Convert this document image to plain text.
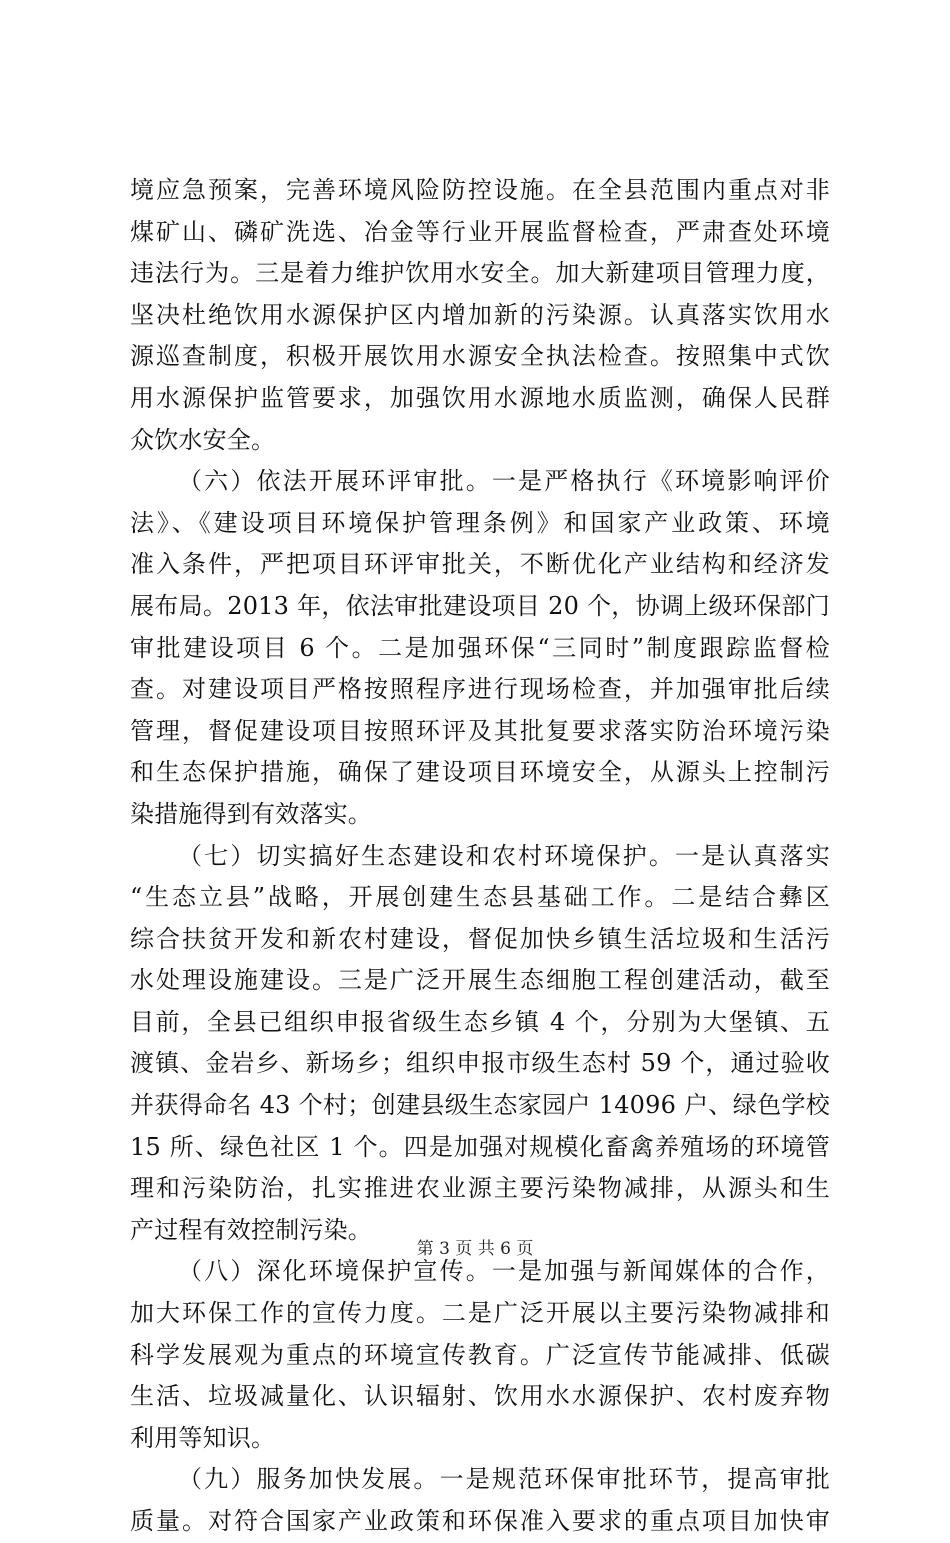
境应急预案，完善环境风险防控设施。在全县范围内重点对非
煤矿山、磷矿洗选、冶金等行业开展监督检查，严肃查处环境
违法行为。三是着力维护饮用水安全。加大新建项目管理力度，
坚决杜绝饮用水源保护区内增加新的污染源。认真落实饮用水
源巡查制度，积极开展饮用水源安全执法检查。按照集中式饮
用水源保护监管要求，加强饮用水源地水质监测，确保人民群
众饮水安全。
（六）依法开展环评审批。一是严格执行《环境影响评价
法》、《建设项目环境保护管理条例》和国家产业政策、环境
准入条件，严把项目环评审批关，不断优化产业结构和经济发
展布局。2013 年，依法审批建设项目 20 个，协调上级环保部门
审批建设项目 6 个。二是加强环保“三同时”制度跟踪监督检
查。对建设项目严格按照程序进行现场检查，并加强审批后续
管理，督促建设项目按照环评及其批复要求落实防治环境污染
和生态保护措施，确保了建设项目环境安全，从源头上控制污
染措施得到有效落实。
（七）切实搞好生态建设和农村环境保护。一是认真落实
“生态立县”战略，开展创建生态县基础工作。二是结合彝区
综合扶贫开发和新农村建设，督促加快乡镇生活垃圾和生活污
水处理设施建设。三是广泛开展生态细胞工程创建活动，截至
目前，全县已组织申报省级生态乡镇 4 个，分别为大堡镇、五
渡镇、金岩乡、新场乡；组织申报市级生态村 59 个，通过验收
并获得命名 43 个村；创建县级生态家园户 14096 户、绿色学校
15 所、绿色社区 1 个。四是加强对规模化畜禽养殖场的环境管
理和污染防治，扎实推进农业源主要污染物减排，从源头和生
产过程有效控制污染。
（八）深化环境保护宣传。一是加强与新闻媒体的合作，
加大环保工作的宣传力度。二是广泛开展以主要污染物减排和
科学发展观为重点的环境宣传教育。广泛宣传节能减排、低碳
生活、垃圾减量化、认识辐射、饮用水水源保护、农村废弃物
利用等知识。
（九）服务加快发展。一是规范环保审批环节，提高审批
质量。对符合国家产业政策和环保准入要求的重点项目加快审
第 3 页 共 6 页
